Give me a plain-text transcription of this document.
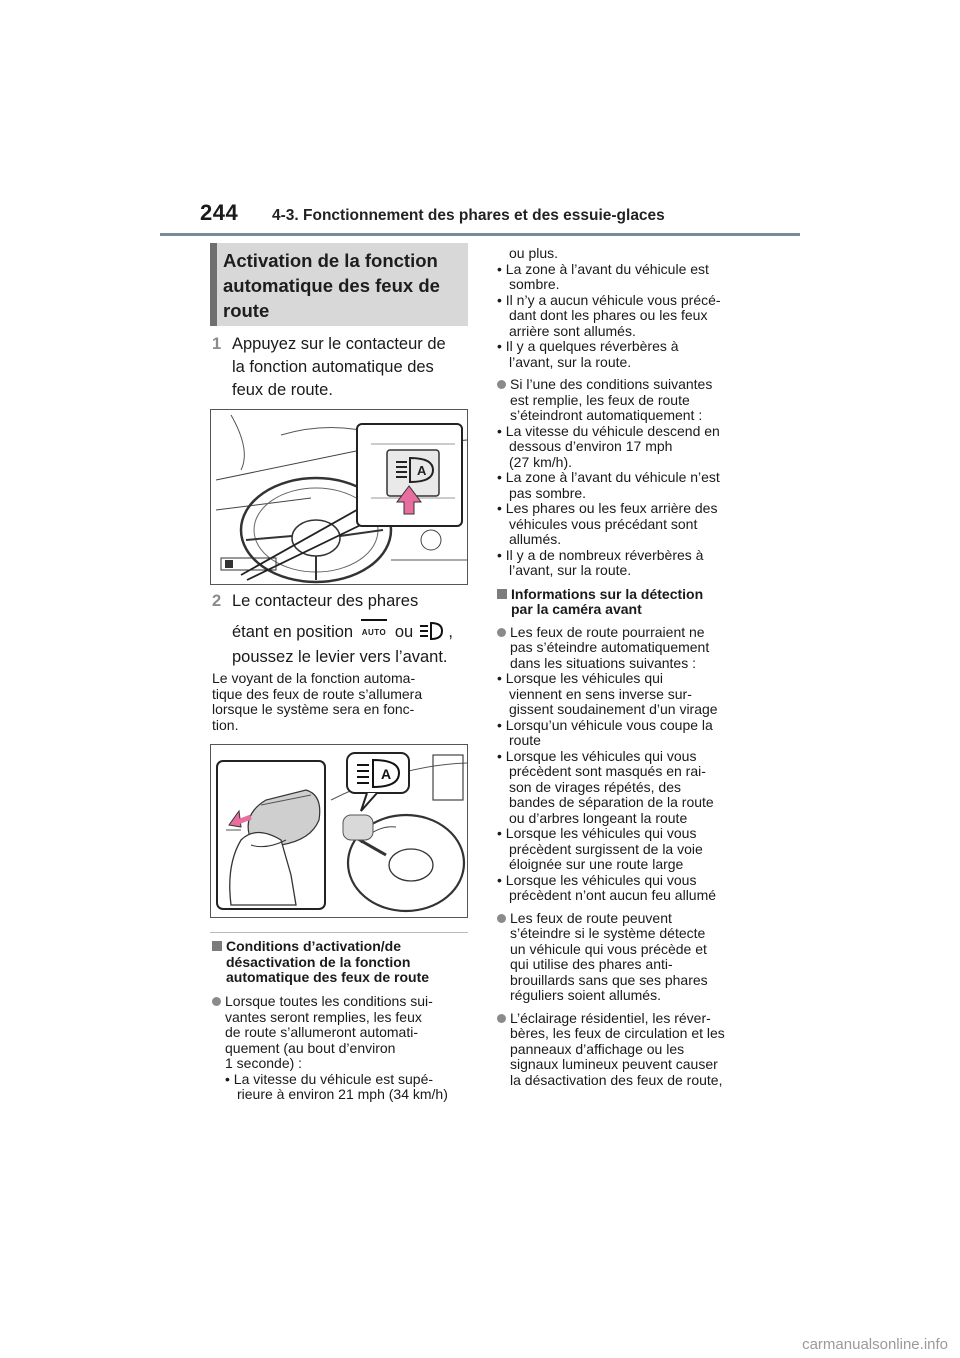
244 4-3. Fonctionnement des phares et des essuie-glaces
Activation de la fonction
automatique des feux de
route
1 Appuyez sur le contacteur de
la fonction automatique des
feux de route.
A
2 Le contacteur des phares
étant en position AUTO ou ,
poussez le levier vers l’avant.
Le voyant de la fonction automa-
tique des feux de route s’allumera
lorsque le système sera en fonc-
tion.
A
Conditions d’activation/de
désactivation de la fonction
automatique des feux de route
Lorsque toutes les conditions sui-
vantes seront remplies, les feux
de route s’allumeront automati-
quement (au bout d’environ
1 seconde) :
• La vitesse du véhicule est supé-
rieure à environ 21 mph (34 km/h)
ou plus.
• La zone à l’avant du véhicule est
sombre.
• Il n’y a aucun véhicule vous précé-
dant dont les phares ou les feux
arrière sont allumés.
• Il y a quelques réverbères à
l’avant, sur la route.
Si l’une des conditions suivantes
est remplie, les feux de route
s’éteindront automatiquement :
• La vitesse du véhicule descend en
dessous d’environ 17 mph
(27 km/h).
• La zone à l’avant du véhicule n’est
pas sombre.
• Les phares ou les feux arrière des
véhicules vous précédant sont
allumés.
• Il y a de nombreux réverbères à
l’avant, sur la route.
Informations sur la détection
par la caméra avant
Les feux de route pourraient ne
pas s’éteindre automatiquement
dans les situations suivantes :
• Lorsque les véhicules qui
viennent en sens inverse sur-
gissent soudainement d’un virage
• Lorsqu’un véhicule vous coupe la
route
• Lorsque les véhicules qui vous
précèdent sont masqués en rai-
son de virages répétés, des
bandes de séparation de la route
ou d’arbres longeant la route
• Lorsque les véhicules qui vous
précèdent surgissent de la voie
éloignée sur une route large
• Lorsque les véhicules qui vous
précèdent n’ont aucun feu allumé
Les feux de route peuvent
s’éteindre si le système détecte
un véhicule qui vous précède et
qui utilise des phares anti-
brouillards sans que ses phares
réguliers soient allumés.
L’éclairage résidentiel, les réver-
bères, les feux de circulation et les
panneaux d’affichage ou les
signaux lumineux peuvent causer
la désactivation des feux de route,
carmanualsonline.info
